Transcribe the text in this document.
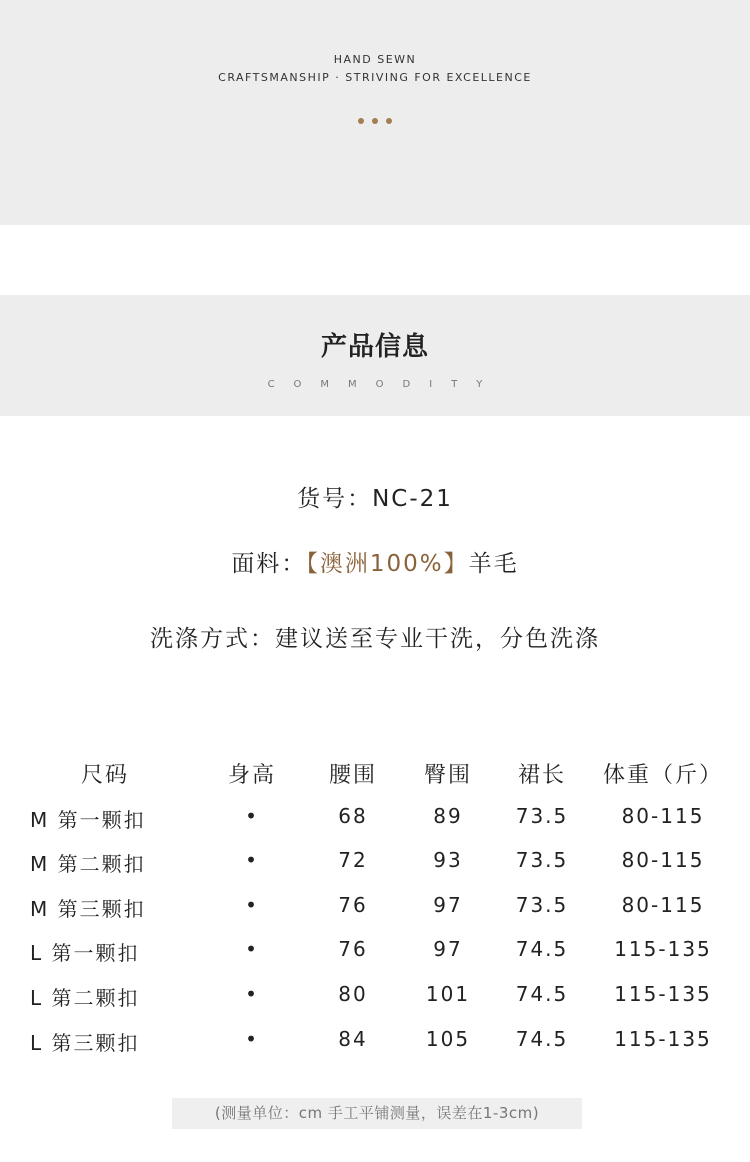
HAND SEWN
CRAFTSMANSHIP · STRIVING FOR EXCELLENCE
产品信息
COMMODITY
货号：NC-21
面料：【澳洲100%】羊毛
洗涤方式：建议送至专业干洗，分色洗涤
尺码	身高	腰围	臀围	裙长	体重（斤）
M 第一颗扣	•	68	89	73.5	80-115
M 第二颗扣	•	72	93	73.5	80-115
M 第三颗扣	•	76	97	73.5	80-115
L 第一颗扣	•	76	97	74.5	115-135
L 第二颗扣	•	80	101	74.5	115-135
L 第三颗扣	•	84	105	74.5	115-135
(测量单位：cm 手工平铺测量，误差在1-3cm)
